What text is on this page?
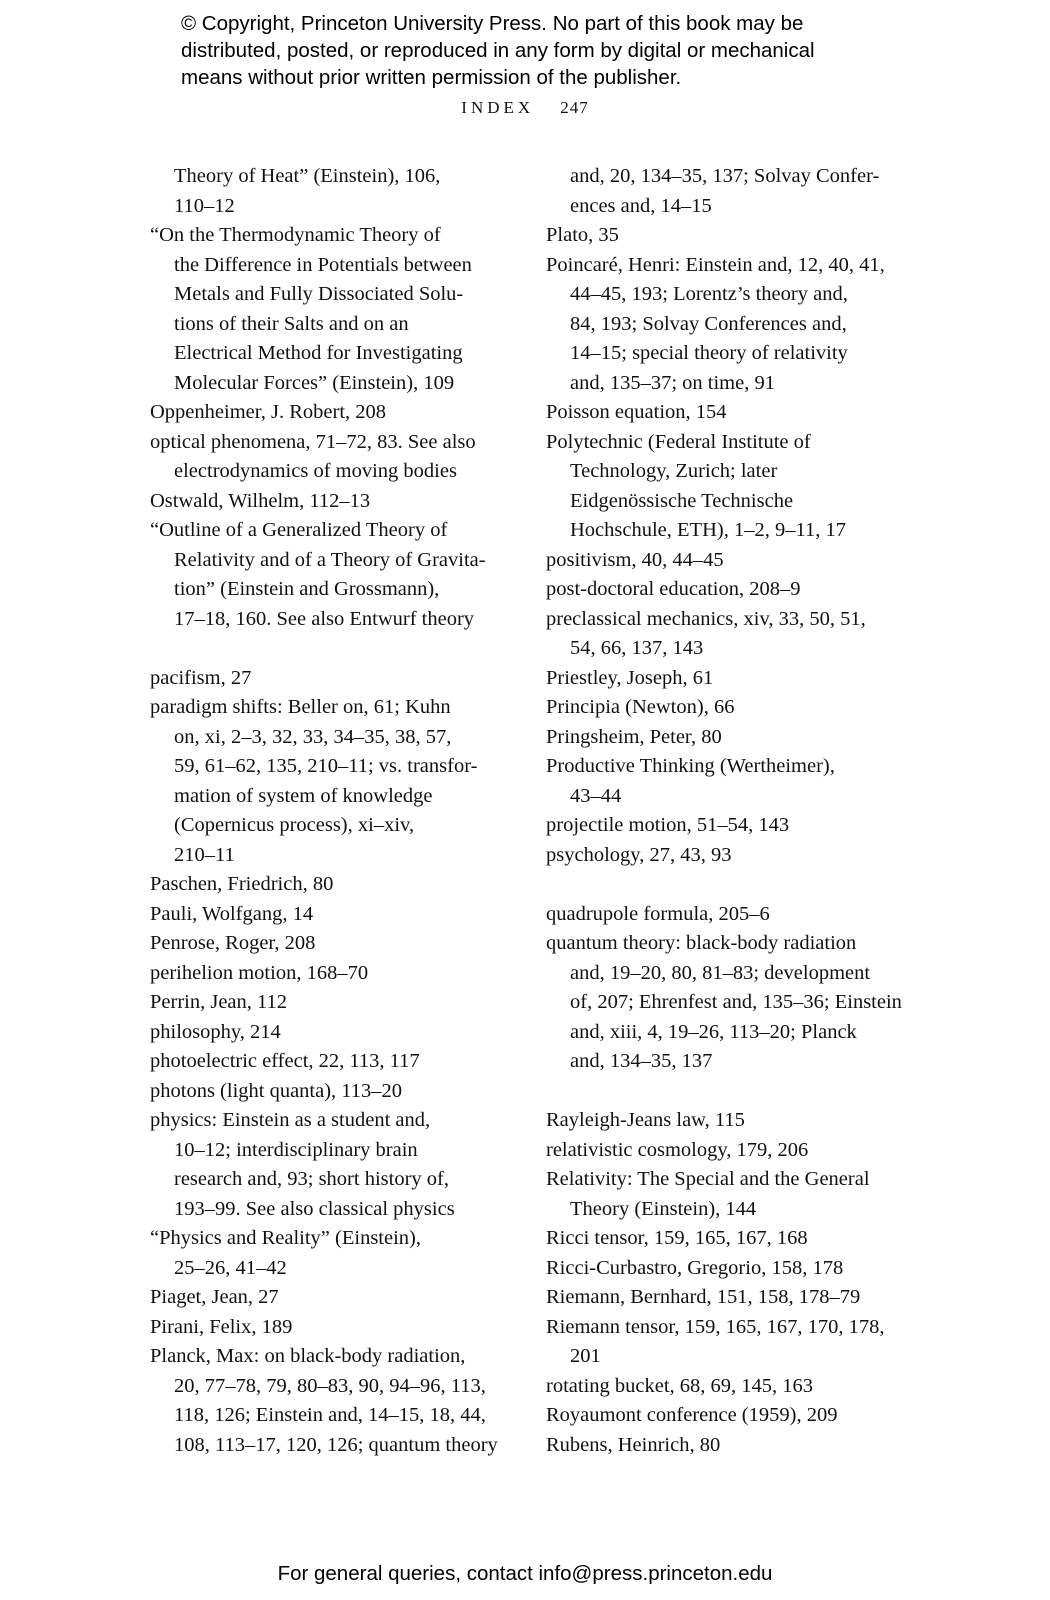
© Copyright, Princeton University Press. No part of this book may be
distributed, posted, or reproduced in any form by digital or mechanical
means without prior written permission of the publisher.
INDEX 247
Theory of Heat” (Einstein), 106,
110–12
“On the Thermodynamic Theory of
the Difference in Potentials between
Metals and Fully Dissociated Solu-
tions of their Salts and on an
Electrical Method for Investigating
Molecular Forces” (Einstein), 109
Oppenheimer, J. Robert, 208
optical phenomena, 71–72, 83. See also
electrodynamics of moving bodies
Ostwald, Wilhelm, 112–13
“Outline of a Generalized Theory of
Relativity and of a Theory of Gravita-
tion” (Einstein and Grossmann),
17–18, 160. See also Entwurf theory
pacifism, 27
paradigm shifts: Beller on, 61; Kuhn
on, xi, 2–3, 32, 33, 34–35, 38, 57,
59, 61–62, 135, 210–11; vs. transfor-
mation of system of knowledge
(Copernicus process), xi–xiv,
210–11
Paschen, Friedrich, 80
Pauli, Wolfgang, 14
Penrose, Roger, 208
perihelion motion, 168–70
Perrin, Jean, 112
philosophy, 214
photoelectric effect, 22, 113, 117
photons (light quanta), 113–20
physics: Einstein as a student and,
10–12; interdisciplinary brain
research and, 93; short history of,
193–99. See also classical physics
“Physics and Reality” (Einstein),
25–26, 41–42
Piaget, Jean, 27
Pirani, Felix, 189
Planck, Max: on black-body radiation,
20, 77–78, 79, 80–83, 90, 94–96, 113,
118, 126; Einstein and, 14–15, 18, 44,
108, 113–17, 120, 126; quantum theory
and, 20, 134–35, 137; Solvay Confer-
ences and, 14–15
Plato, 35
Poincaré, Henri: Einstein and, 12, 40, 41,
44–45, 193; Lorentz’s theory and,
84, 193; Solvay Conferences and,
14–15; special theory of relativity
and, 135–37; on time, 91
Poisson equation, 154
Polytechnic (Federal Institute of
Technology, Zurich; later
Eidgenössische Technische
Hochschule, ETH), 1–2, 9–11, 17
positivism, 40, 44–45
post-doctoral education, 208–9
preclassical mechanics, xiv, 33, 50, 51,
54, 66, 137, 143
Priestley, Joseph, 61
Principia (Newton), 66
Pringsheim, Peter, 80
Productive Thinking (Wertheimer),
43–44
projectile motion, 51–54, 143
psychology, 27, 43, 93
quadrupole formula, 205–6
quantum theory: black-body radiation
and, 19–20, 80, 81–83; development
of, 207; Ehrenfest and, 135–36; Einstein
and, xiii, 4, 19–26, 113–20; Planck
and, 134–35, 137
Rayleigh-Jeans law, 115
relativistic cosmology, 179, 206
Relativity: The Special and the General
Theory (Einstein), 144
Ricci tensor, 159, 165, 167, 168
Ricci-Curbastro, Gregorio, 158, 178
Riemann, Bernhard, 151, 158, 178–79
Riemann tensor, 159, 165, 167, 170, 178,
201
rotating bucket, 68, 69, 145, 163
Royaumont conference (1959), 209
Rubens, Heinrich, 80
For general queries, contact info@press.princeton.edu
